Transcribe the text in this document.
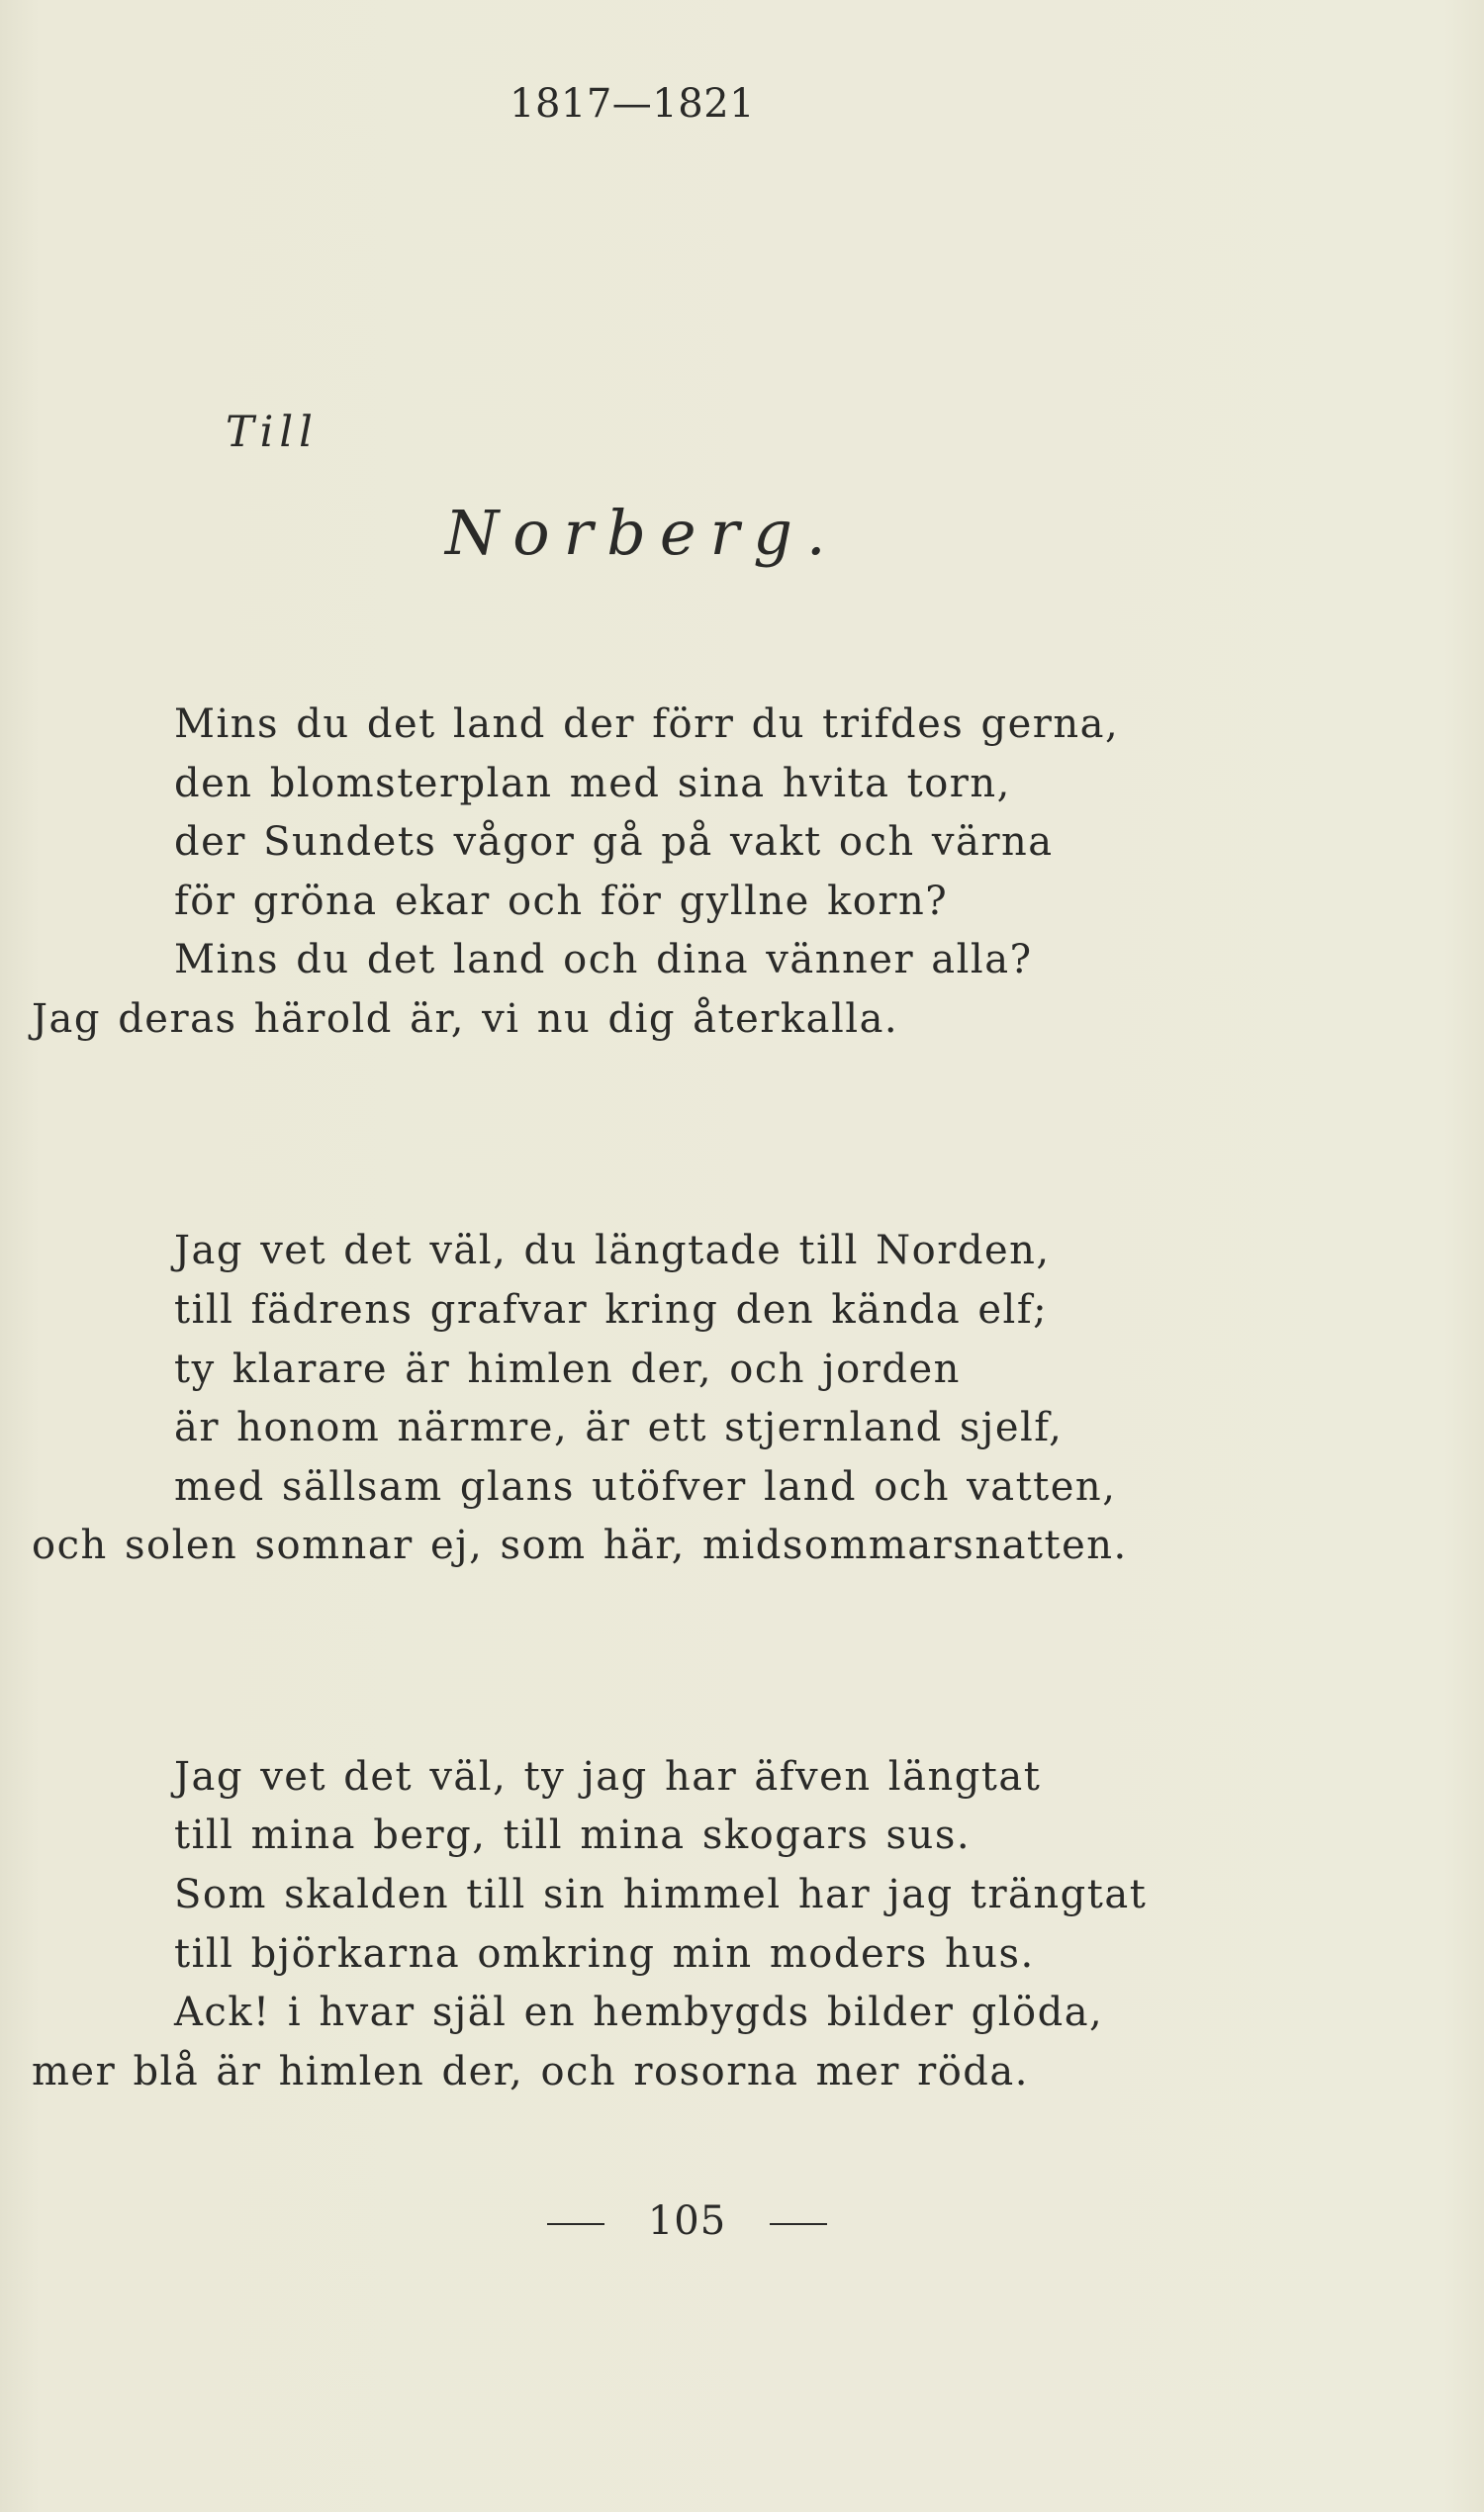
1817—1821
Till
Norberg.
Mins du det land der förr du trifdes gerna,
den blomsterplan med sina hvita torn,
der Sundets vågor gå på vakt och värna
för gröna ekar och för gyllne korn?
Mins du det land och dina vänner alla?
Jag deras härold är, vi nu dig återkalla.
Jag vet det väl, du längtade till Norden,
till fädrens grafvar kring den kända elf;
ty klarare är himlen der, och jorden
är honom närmre, är ett stjernland sjelf,
med sällsam glans utöfver land och vatten,
och solen somnar ej, som här, midsommarsnatten.
Jag vet det väl, ty jag har äfven längtat
till mina berg, till mina skogars sus.
Som skalden till sin himmel har jag trängtat
till björkarna omkring min moders hus.
Ack! i hvar själ en hembygds bilder glöda,
mer blå är himlen der, och rosorna mer röda.

105
